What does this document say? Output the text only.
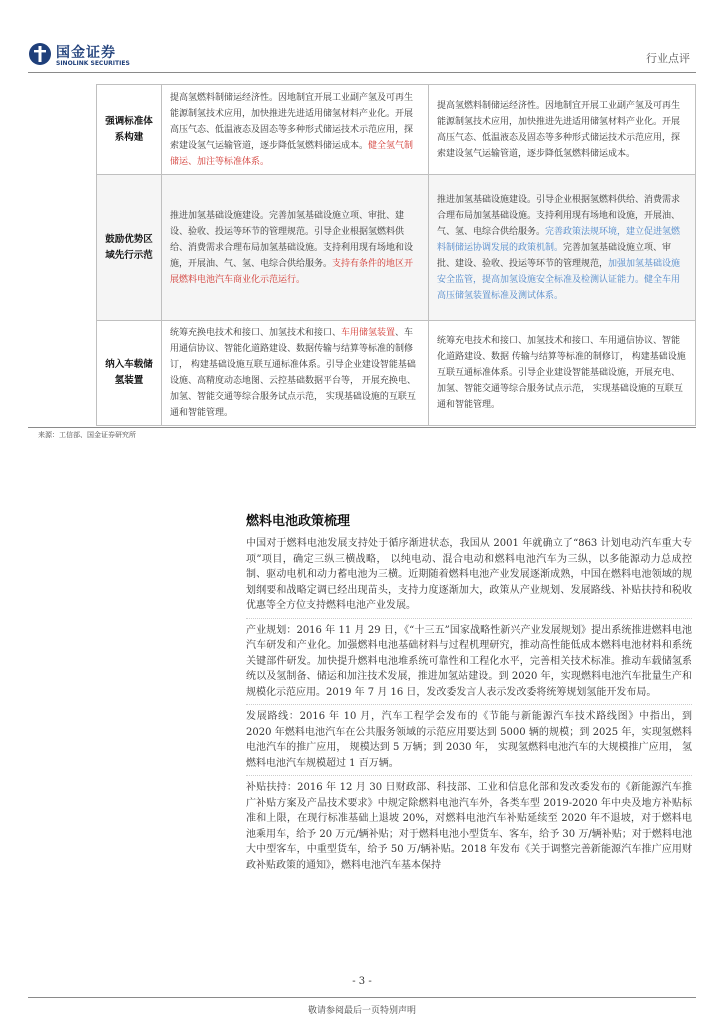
国金证券
SINOLINK SECURITIES	行业点评
强调标准体系构建	提高氢燃料制储运经济性。因地制宜开展工业副产氢及可再生能源制氢技术应用，加快推进先进适用储氢材料产业化。开展高压气态、低温液态及固态等多种形式储运技术示范应用，探索建设氢气运输管道，逐步降低氢燃料储运成本。健全氢气制储运、加注等标准体系。	提高氢燃料制储运经济性。因地制宜开展工业副产氢及可再生能源制氢技术应用，加快推进先进适用储氢材料产业化。开展高压气态、低温液态及固态等多种形式储运技术示范应用，探索建设氢气运输管道，逐步降低氢燃料储运成本。
鼓励优势区域先行示范	推进加氢基础设施建设。完善加氢基础设施立项、审批、建设、验收、投运等环节的管理规范。引导企业根据氢燃料供给、消费需求合理布局加氢基础设施。支持利用现有场地和设施，开展油、气、氢、电综合供给服务。支持有条件的地区开展燃料电池汽车商业化示范运行。	推进加氢基础设施建设。引导企业根据氢燃料供给、消费需求合理布局加氢基础设施。支持利用现有场地和设施，开展油、气、氢、电综合供给服务。完善政策法规环境，建立促进氢燃料制储运协调发展的政策机制。完善加氢基础设施立项、审批、建设、验收、投运等环节的管理规范，加强加氢基础设施安全监管，提高加氢设施安全标准及检测认证能力。健全车用高压储氢装置标准及测试体系。
纳入车载储氢装置	统筹充换电技术和接口、加氢技术和接口、车用储氢装置、车用通信协议、智能化道路建设、数据传输与结算等标准的制修订， 构建基础设施互联互通标准体系。引导企业建设智能基础设施、高精度动态地图、云控基础数据平台等， 开展充换电、加氢、智能交通等综合服务试点示范， 实现基础设施的互联互通和智能管理。	统筹充电技术和接口、加氢技术和接口、车用通信协议、智能化道路建设、数据 传输与结算等标准的制修订， 构建基础设施互联互通标准体系。引导企业建设智能基础设施，开展充电、加氢、智能交通等综合服务试点示范， 实现基础设施的互联互通和智能管理。
来源：工信部、国金证券研究所
燃料电池政策梳理

中国对于燃料电池发展支持处于循序渐进状态，我国从 2001 年就确立了“863 计划电动汽车重大专项”项目，确定三纵三横战略， 以纯电动、混合电动和燃料电池汽车为三纵，以多能源动力总成控制、驱动电机和动力蓄电池为三横。近期随着燃料电池产业发展逐渐成熟，中国在燃料电池领域的规划纲要和战略定调已经出现苗头，支持力度逐渐加大，政策从产业规划、发展路线、补贴扶持和税收优惠等全方位支持燃料电池产业发展。

产业规划：2016 年 11 月 29 日，《“十三五”国家战略性新兴产业发展规划》提出系统推进燃料电池汽车研发和产业化。加强燃料电池基础材料与过程机理研究，推动高性能低成本燃料电池材料和系统关键部件研发。加快提升燃料电池堆系统可靠性和工程化水平，完善相关技术标准。推动车载储氢系统以及氢制备、储运和加注技术发展，推进加氢站建设。到 2020 年，实现燃料电池汽车批量生产和规模化示范应用。2019 年 7 月 16 日，发改委发言人表示发改委将统筹规划氢能开发布局。

发展路线：2016 年 10 月，汽车工程学会发布的《节能与新能源汽车技术路线图》中指出，到 2020 年燃料电池汽车在公共服务领域的示范应用要达到 5000 辆的规模；到 2025 年，实现氢燃料电池汽车的推广应用， 规模达到 5 万辆；到 2030 年， 实现氢燃料电池汽车的大规模推广应用， 氢燃料电池汽车规模超过 1 百万辆。

补贴扶持：2016 年 12 月 30 日财政部、科技部、工业和信息化部和发改委发布的《新能源汽车推广补贴方案及产品技术要求》中规定除燃料电池汽车外，各类车型 2019-2020 年中央及地方补贴标准和上限，在现行标准基础上退坡 20%，对燃料电池汽车补贴延续至 2020 年不退坡，对于燃料电池乘用车，给予 20 万元/辆补贴；对于燃料电池小型货车、客车，给予 30 万/辆补贴；对于燃料电池大中型客车，中重型货车，给予 50 万/辆补贴。2018 年发布《关于调整完善新能源汽车推广应用财政补贴政策的通知》，燃料电池汽车基本保持

- 3 -
敬请参阅最后一页特别声明
